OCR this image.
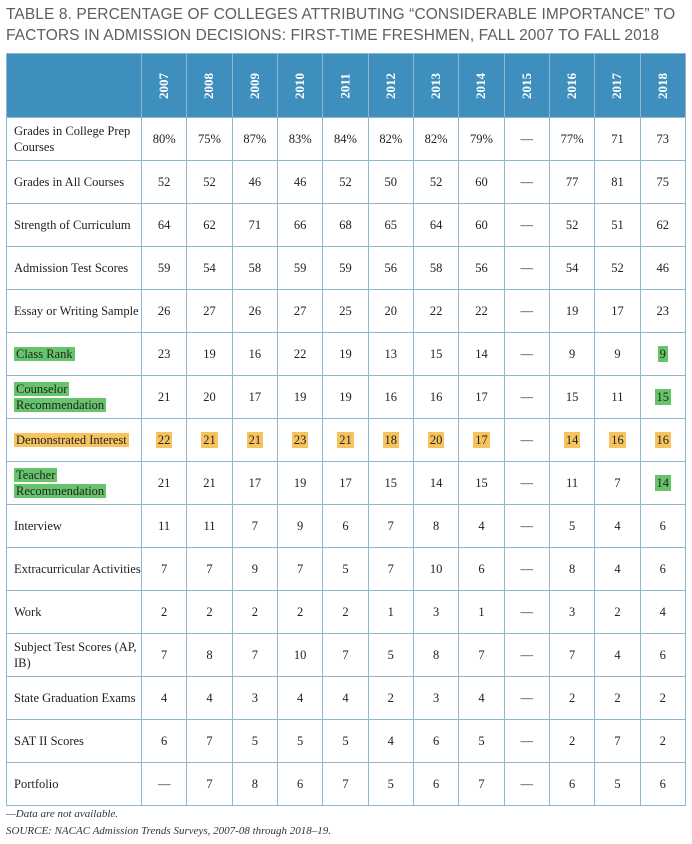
TABLE 8. PERCENTAGE OF COLLEGES ATTRIBUTING “CONSIDERABLE IMPORTANCE” TO
FACTORS IN ADMISSION DECISIONS: FIRST-TIME FRESHMEN, FALL 2007 TO FALL 2018
	2007	2008	2009	2010	2011	2012	2013	2014	2015	2016	2017	2018
Grades in College Prep Courses	80%	75%	87%	83%	84%	82%	82%	79%	—	77%	71	73
Grades in All Courses	52	52	46	46	52	50	52	60	—	77	81	75
Strength of Curriculum	64	62	71	66	68	65	64	60	—	52	51	62
Admission Test Scores	59	54	58	59	59	56	58	56	—	54	52	46
Essay or Writing Sample	26	27	26	27	25	20	22	22	—	19	17	23
Class Rank	23	19	16	22	19	13	15	14	—	9	9	9
Counselor Recommendation	21	20	17	19	19	16	16	17	—	15	11	15
Demonstrated Interest	22	21	21	23	21	18	20	17	—	14	16	16
Teacher Recommendation	21	21	17	19	17	15	14	15	—	11	7	14
Interview	11	11	7	9	6	7	8	4	—	5	4	6
Extracurricular Activities	7	7	9	7	5	7	10	6	—	8	4	6
Work	2	2	2	2	2	1	3	1	—	3	2	4
Subject Test Scores (AP, IB)	7	8	7	10	7	5	8	7	—	7	4	6
State Graduation Exams	4	4	3	4	4	2	3	4	—	2	2	2
SAT II Scores	6	7	5	5	5	4	6	5	—	2	7	2
Portfolio	—	7	8	6	7	5	6	7	—	6	5	6
—Data are not available.
SOURCE: NACAC Admission Trends Surveys, 2007-08 through 2018–19.
